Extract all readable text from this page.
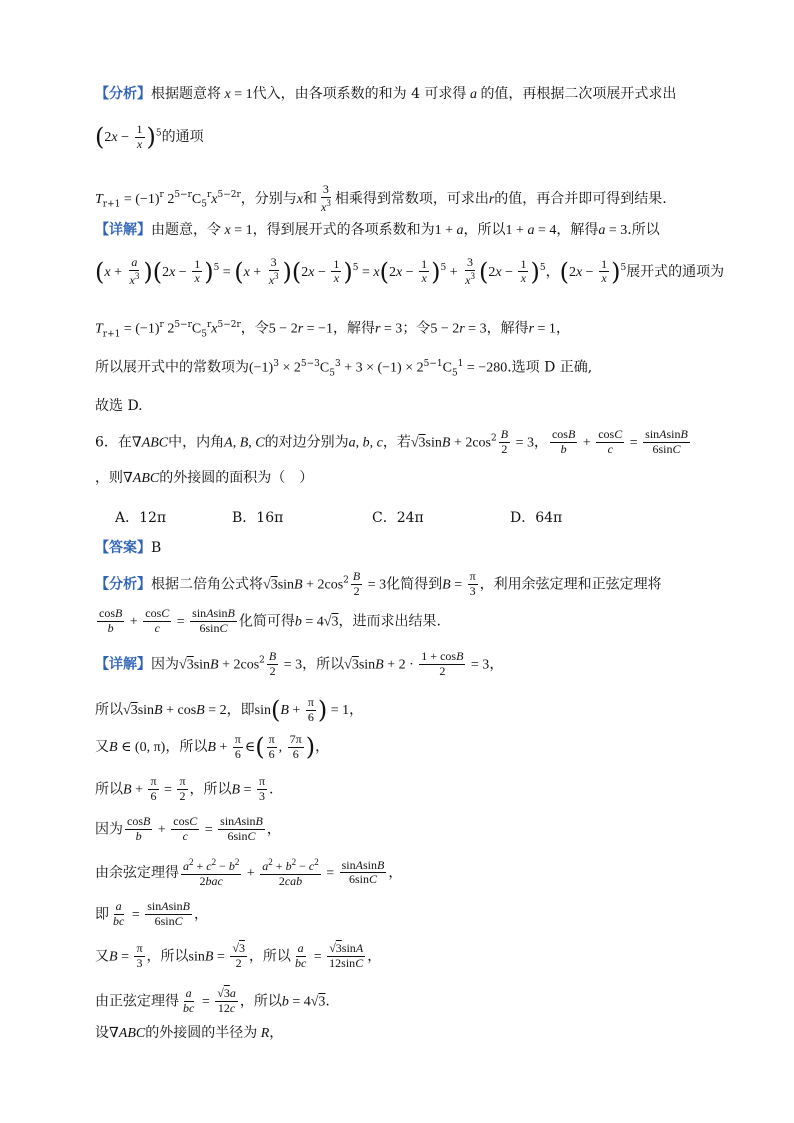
【分析】根据题意将 x = 1代入，由各项系数的和为 4 可求得 a 的值，再根据二次项展开式求出
$(2x - \frac{1}{x} )^5$的通项
$T_{r+1} = (-1)^r$ $2^{5-r}C_5^rx^{5-2r}$，分别与x和 $\frac{3}{x^3}$ 相乘得到常数项，可求出r的值，再合并即可得到结果.
【详解】由题意，令 x = 1，得到展开式的各项系数和为1 + a，所以1 + a = 4，解得a = 3.所以
$(x + \frac{a}{x^3} )(2x - \frac{1}{x} )^5 = (x + \frac{3}{x^3} )(2x - \frac{1}{x} )^5 = x(2x - \frac{1}{x} )^5 + \frac{3}{x^3} (2x - \frac{1}{x} )^5$，$(2x - \frac{1}{x} )^5$展开式的通项为
$T_{r+1} = (-1)^r$ $2^{5-r}C_5^rx^{5-2r}$，令5 − 2r = −1，解得r = 3；令5 − 2r = 3，解得r = 1，
所以展开式中的常数项为$(-1)^3 \times 2^{5-3}C_5^3 + 3 \times (-1) \times 2^{5-1}C_5^1 = -280$.选项 D 正确,
故选 D.
6．在∇ABC中，内角A, B, C的对边分别为a, b, c，若$√3\sin B + 2\cos^2 \frac{B}{2} = 3$， $\frac{\cos B}{b} + \frac{\cos C}{c} = \frac{\text{sinAsinB}}{6\sin C}$
，则∇ABC的外接圆的面积为（　）
A．12π	B．16π	C．24π	D．64π
【答案】B
【分析】根据二倍角公式将$√3\sin B + 2\cos^2 \frac{B}{2} = 3$化简得到$B = \frac{\pi}{3}$ ，利用余弦定理和正弦定理将
$\frac{\cos B}{b} + \frac{\cos C}{c} = \frac{\text{sinAsinB}}{6\sin C}$ 化简可得b = 4√3，进而求出结果.
【详解】因为$√3\sin B + 2\cos^2 \frac{B}{2} = 3$，所以$√3\sin B + 2 \cdot \frac{1 + \cos B}{2} = 3$，
所以√3sinB + cosB = 2，即$\sin(B + \frac{\pi}{6}$ ) = 1，
又B ∈ (0, π)，所以$B + \frac{\pi}{6}$ ∈( $\frac{\pi}{6}$ , $\frac{7\pi}{6}$ )，
所以$B + \frac{\pi}{6} = \frac{\pi}{2}$ ，所以$B = \frac{\pi}{3}$ .
因为 $\frac{\cos B}{b} + \frac{\cos C}{c} = \frac{\text{sinAsinB}}{6\sin C}$ ，
由余弦定理得 $\frac{a^2 + c^2 - b^2}{\text{2bac}} + \frac{a^2 + b^2 - c^2}{\text{2cab}} = \frac{\text{sinAsinB}}{6\sin C}$ ，
即 $\frac{a}{bc} = \frac{\text{sinAsinB}}{6\sin C}$ ，
又$B = \frac{\pi}{3}$ ，所以$\sin B = \frac{√3}{2}$ ，所以 $\frac{a}{bc} = \frac{√3\sin A}{12\sin C}$ ，
由正弦定理得 $\frac{a}{bc} = \frac{√3a}{12c}$ ，所以b = 4√3.
设∇ABC的外接圆的半径为 R，
